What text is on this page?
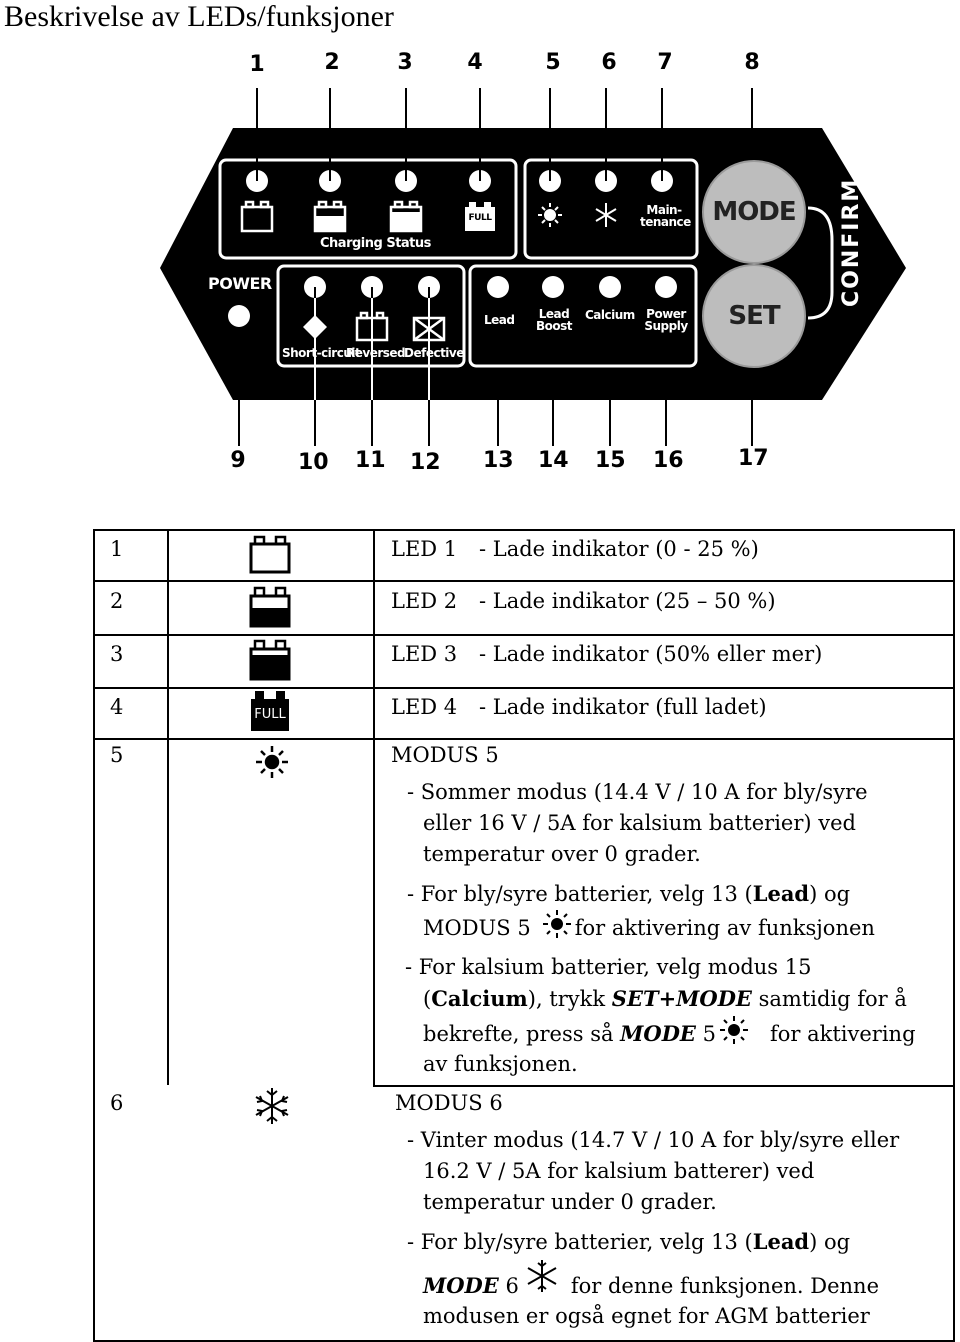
Beskrivelse av LEDs/funksjoner
1	2	3	4	5	6	7	8
9	10 11 12 13 14 15 16 17
POWER
FULL
Charging Status
Main-
tenance
Short-circuit
Reversed
Defective
Lead	Lead
Boost
Calcium Power
Supply
MODE
SET
CONFIRM
1	LED 1 - Lade indikator (0 - 25 %)
2	LED 2 - Lade indikator (25 – 50 %)
3	LED 3 - Lade indikator (50% eller mer)
4	FULL	LED 4 - Lade indikator (full ladet)
5	MODUS 5
- Sommer modus (14.4 V / 10 A for bly/syre
eller 16 V / 5A for kalsium batterier) ved
temperatur over 0 grader.
- For bly/syre batterier, velg 13 (Lead) og
MODUS 5 for aktivering av funksjonen
- For kalsium batterier, velg modus 15
(Calcium), trykk SET+MODE samtidig for å
bekrefte, press så MODE 5	for aktivering
av funksjonen.
6	MODUS 6
- Vinter modus (14.7 V / 10 A for bly/syre eller
16.2 V / 5A for kalsium batterer) ved
temperatur under 0 grader.
- For bly/syre batterier, velg 13 (Lead) og
MODE 6 for denne funksjonen. Denne
modusen er også egnet for AGM batterier
